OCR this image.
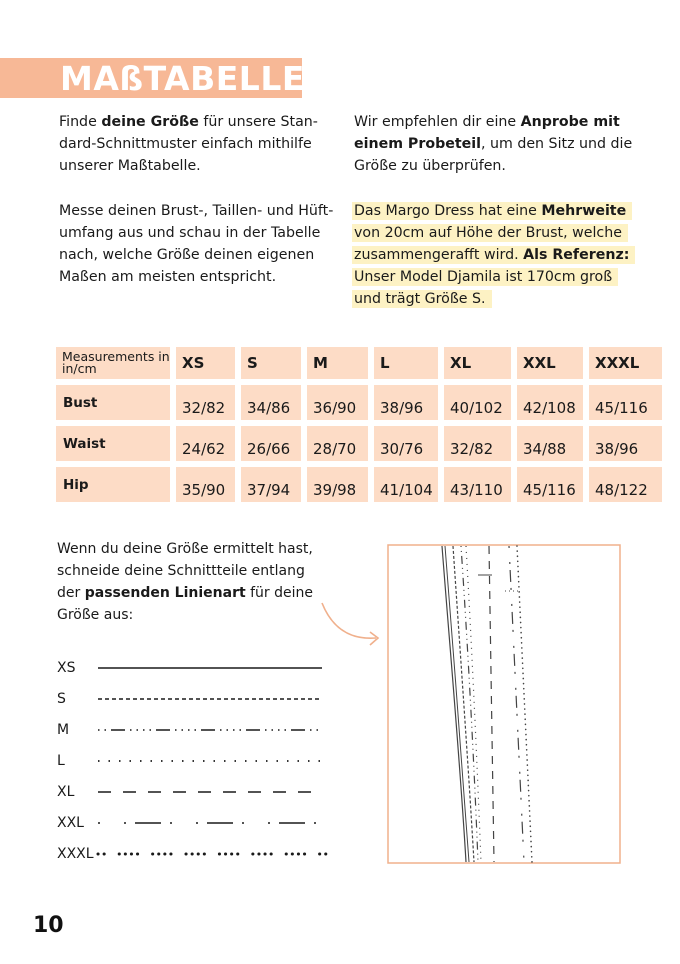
MAßTABELLE

Finde deine Größe für unsere Stan-dard-Schnittmuster einfach mithilfe unserer Maßtabelle.

Messe deinen Brust-, Taillen- und Hüft-umfang aus und schau in der Tabelle nach, welche Größe deinen eigenen Maßen am meisten entspricht.

Wir empfehlen dir eine Anprobe mit einem Probeteil, um den Sitz und die Größe zu überprüfen.

Das Margo Dress hat eine Mehrweite von 20cm auf Höhe der Brust, welche zusammengerafft wird. Als Referenz: Unser Model Djamila ist 170cm groß und trägt Größe S.

Measurements in in/cm	XS	S	M	L	XL	XXL	XXXL
Bust	32/82	34/86	36/90	38/96	40/102	42/108	45/116
Waist	24/62	26/66	28/70	30/76	32/82	34/88	38/96
Hip	35/90	37/94	39/98	41/104	43/110	45/116	48/122

Wenn du deine Größe ermittelt hast, schneide deine Schnittteile entlang der passenden Linienart für deine Größe aus:

XS
S
M
L
XL
XXL
XXXL
10
